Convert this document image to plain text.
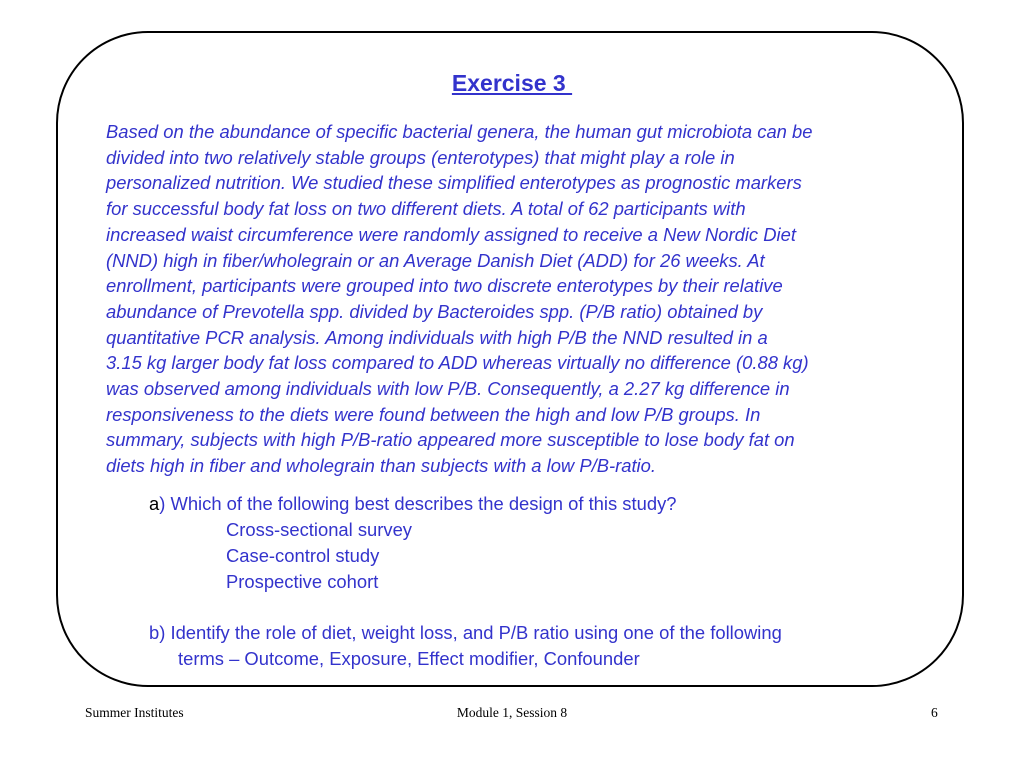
Exercise 3
Based on the abundance of specific bacterial genera, the human gut microbiota can be
divided into two relatively stable groups (enterotypes) that might play a role in
personalized nutrition. We studied these simplified enterotypes as prognostic markers
for successful body fat loss on two different diets. A total of 62 participants with
increased waist circumference were randomly assigned to receive a New Nordic Diet
(NND) high in fiber/wholegrain or an Average Danish Diet (ADD) for 26 weeks. At
enrollment, participants were grouped into two discrete enterotypes by their relative
abundance of Prevotella spp. divided by Bacteroides spp. (P/B ratio) obtained by
quantitative PCR analysis. Among individuals with high P/B the NND resulted in a
3.15 kg larger body fat loss compared to ADD whereas virtually no difference (0.88 kg)
was observed among individuals with low P/B. Consequently, a 2.27 kg difference in
responsiveness to the diets were found between the high and low P/B groups. In
summary, subjects with high P/B-ratio appeared more susceptible to lose body fat on
diets high in fiber and wholegrain than subjects with a low P/B-ratio.
a) Which of the following best describes the design of this study?
Cross-sectional survey
Case-control study
Prospective cohort
b) Identify the role of diet, weight loss, and P/B ratio using one of the following
terms – Outcome, Exposure, Effect modifier, Confounder
Summer Institutes	Module 1, Session 8	6
